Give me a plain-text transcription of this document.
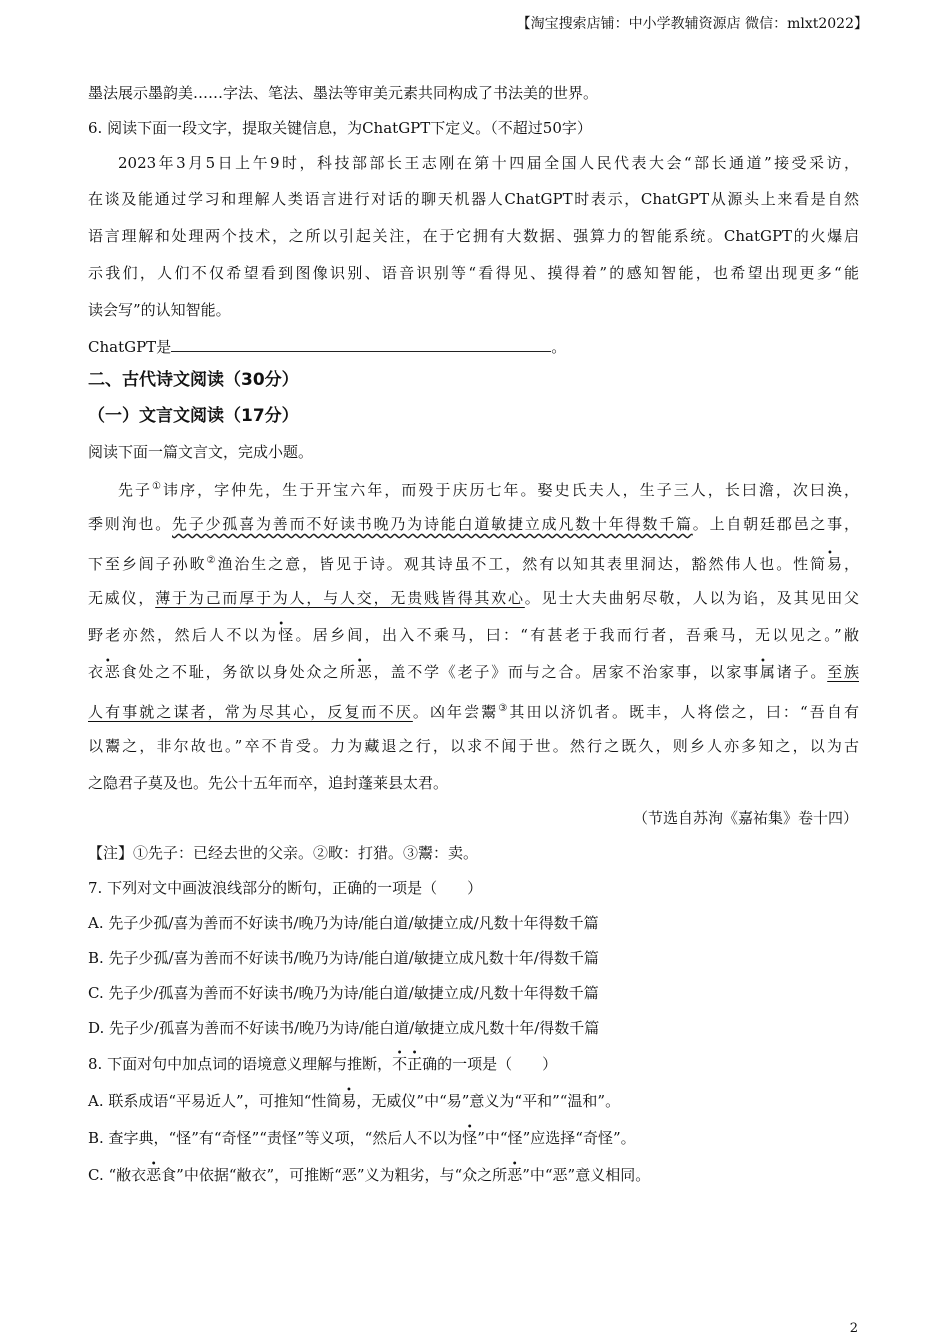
【淘宝搜索店铺：中小学教辅资源店 微信：mlxt2022】
墨法展示墨韵美……字法、笔法、墨法等审美元素共同构成了书法美的世界。
6. 阅读下面一段文字，提取关键信息，为ChatGPT下定义。（不超过50字）
2023年3月5日上午9时，科技部部长王志刚在第十四届全国人民代表大会“部长通道”接受采访，
在谈及能通过学习和理解人类语言进行对话的聊天机器人ChatGPT时表示，ChatGPT从源头上来看是自然
语言理解和处理两个技术，之所以引起关注，在于它拥有大数据、强算力的智能系统。ChatGPT的火爆启
示我们，人们不仅希望看到图像识别、语音识别等“看得见、摸得着”的感知智能，也希望出现更多“能
读会写”的认知智能。
ChatGPT是	。
二、古代诗文阅读（30分）
（一）文言文阅读（17分）
阅读下面一篇文言文，完成小题。
先子①讳序，字仲先，生于开宝六年，而殁于庆历七年。娶史氏夫人，生子三人，长曰澹，次曰涣，
季则洵也。先子少孤喜为善而不好读书晚乃为诗能白道敏捷立成凡数十年得数千篇。上自朝廷郡邑之事，
下至乡闾子孙畋②渔治生之意，皆见于诗。观其诗虽不工，然有以知其表里洞达，豁然伟人也。性简易，
无威仪，薄于为己而厚于为人，与人交，无贵贱皆得其欢心。见士大夫曲躬尽敬，人以为谄，及其见田父
野老亦然，然后人不以为怪。居乡闾，出入不乘马，曰：“有甚老于我而行者，吾乘马，无以见之。”敝
衣恶食处之不耻，务欲以身处众之所恶，盖不学《老子》而与之合。居家不治家事，以家事属诸子。至族
人有事就之谋者，常为尽其心，反复而不厌。凶年尝鬻③其田以济饥者。既丰，人将偿之，曰：“吾自有
以鬻之，非尔故也。”卒不肯受。力为藏退之行，以求不闻于世。然行之既久，则乡人亦多知之，以为古
之隐君子莫及也。先公十五年而卒，追封蓬莱县太君。
（节选自苏洵《嘉祐集》卷十四）
【注】①先子：已经去世的父亲。②畋：打猎。③鬻：卖。
7. 下列对文中画波浪线部分的断句，正确的一项是（　　）
A. 先子少孤/喜为善而不好读书/晚乃为诗/能白道/敏捷立成/凡数十年得数千篇
B. 先子少孤/喜为善而不好读书/晚乃为诗/能白道/敏捷立成凡数十年/得数千篇
C. 先子少/孤喜为善而不好读书/晚乃为诗/能白道/敏捷立成/凡数十年得数千篇
D. 先子少/孤喜为善而不好读书/晚乃为诗/能白道/敏捷立成凡数十年/得数千篇
8. 下面对句中加点词的语境意义理解与推断，不正确的一项是（　　）
A. 联系成语“平易近人”，可推知“性简易，无威仪”中“易”意义为“平和”“温和”。
B. 查字典，“怪”有“奇怪”“责怪”等义项，“然后人不以为怪”中“怪”应选择“奇怪”。
C. “敝衣恶食”中依据“敝衣”，可推断“恶”义为粗劣，与“众之所恶”中“恶”意义相同。
2
